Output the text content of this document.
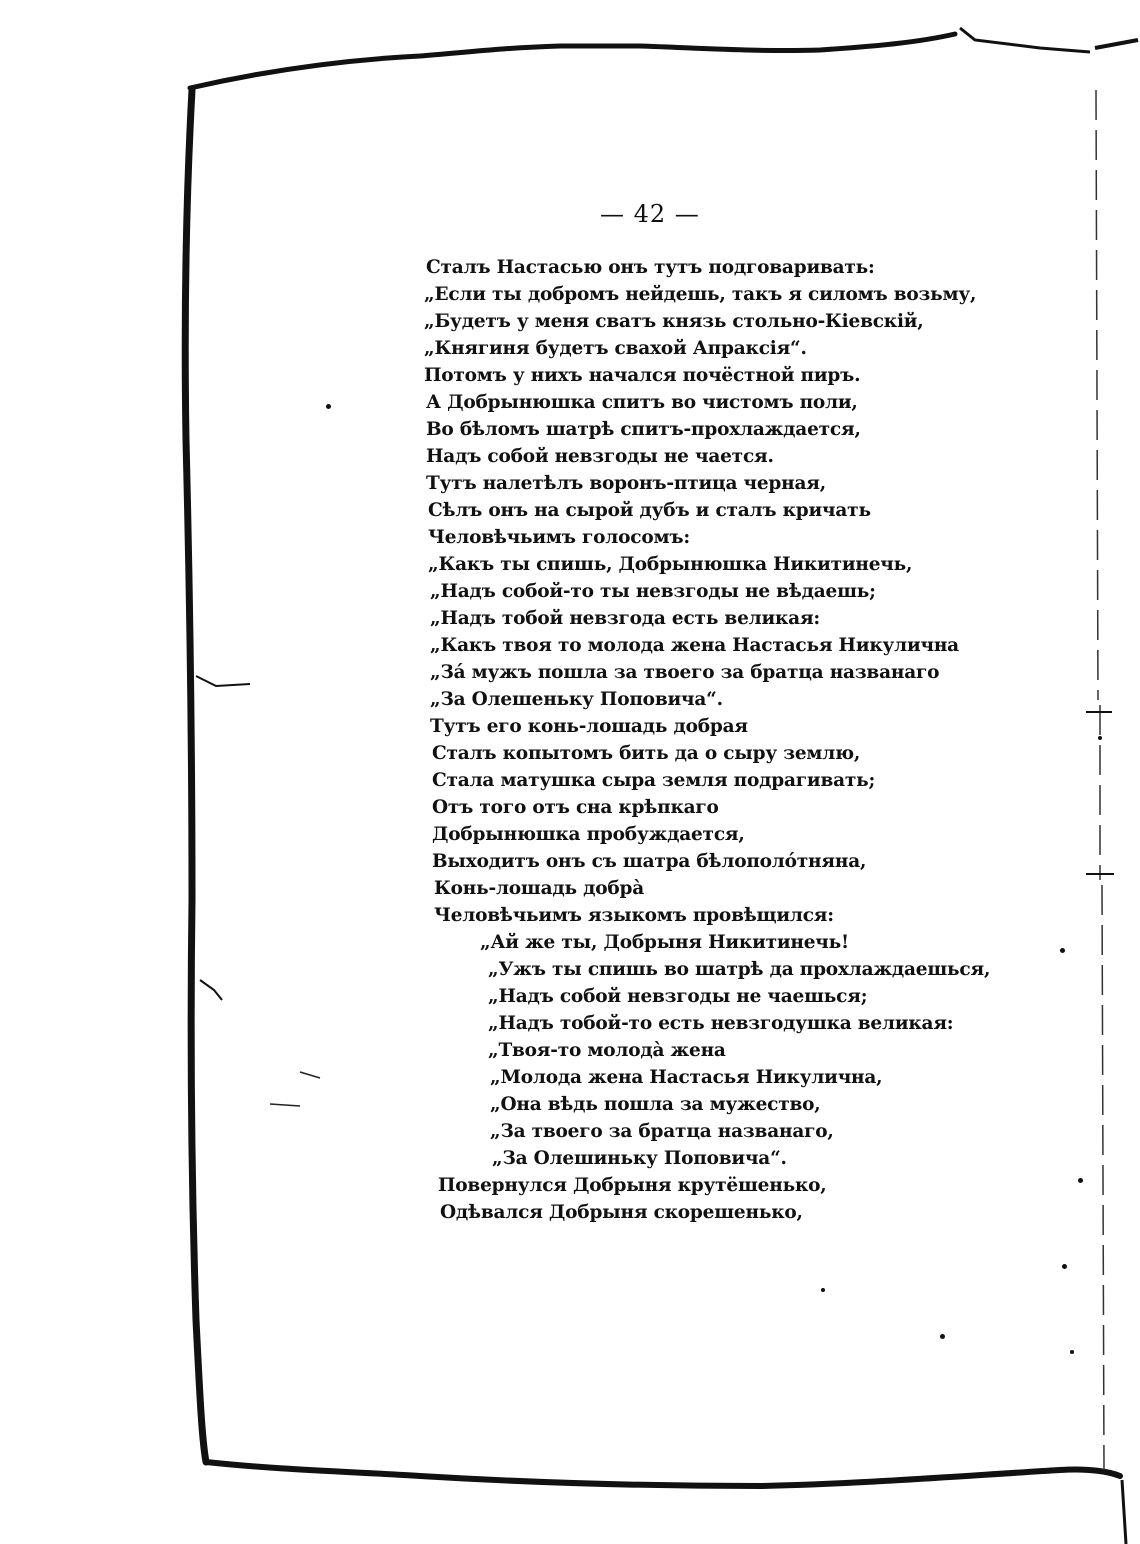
— 42 —
Сталъ Настасью онъ тутъ подговаривать:
„Если ты добромъ нейдешь, такъ я силомъ возьму,
„Будетъ у меня сватъ князь стольно-Кіевскій,
„Княгиня будетъ свахой Апраксія“.
Потомъ у нихъ начался почёстной пиръ.
А Добрынюшка спитъ во чистомъ поли,
Во бѣломъ шатрѣ спитъ-прохлаждается,
Надъ собой невзгоды не чается.
Тутъ налетѣлъ воронъ-птица черная,
Сѣлъ онъ на сырой дубъ и сталъ кричать
Человѣчьимъ голосомъ:
„Какъ ты спишь, Добрынюшка Никитинечь,
„Надъ собой-то ты невзгоды не вѣдаешь;
„Надъ тобой невзгода есть великая:
„Какъ твоя то молода жена Настасья Никулична
„За́ мужъ пошла за твоего за братца названаго
„За Олешеньку Поповича“.
Тутъ его конь-лошадь добрая
Сталъ копытомъ бить да о сыру землю,
Стала матушка сыра земля подрагивать;
Отъ того отъ сна крѣпкаго
Добрынюшка пробуждается,
Выходитъ онъ съ шатра бѣлополо́тняна,
Конь-лошадь добра̀
Человѣчьимъ языкомъ провѣщился:
„Ай же ты, Добрыня Никитинечь!
„Ужъ ты спишь во шатрѣ да прохлаждаешься,
„Надъ собой невзгоды не чаешься;
„Надъ тобой-то есть невзгодушка великая:
„Твоя-то молода̀ жена
„Молода жена Настасья Никулична,
„Она вѣдь пошла за мужество,
„За твоего за братца названаго,
„За Олешиньку Поповича“.
Повернулся Добрыня крутёшенько,
Одѣвался Добрыня скорешенько,
